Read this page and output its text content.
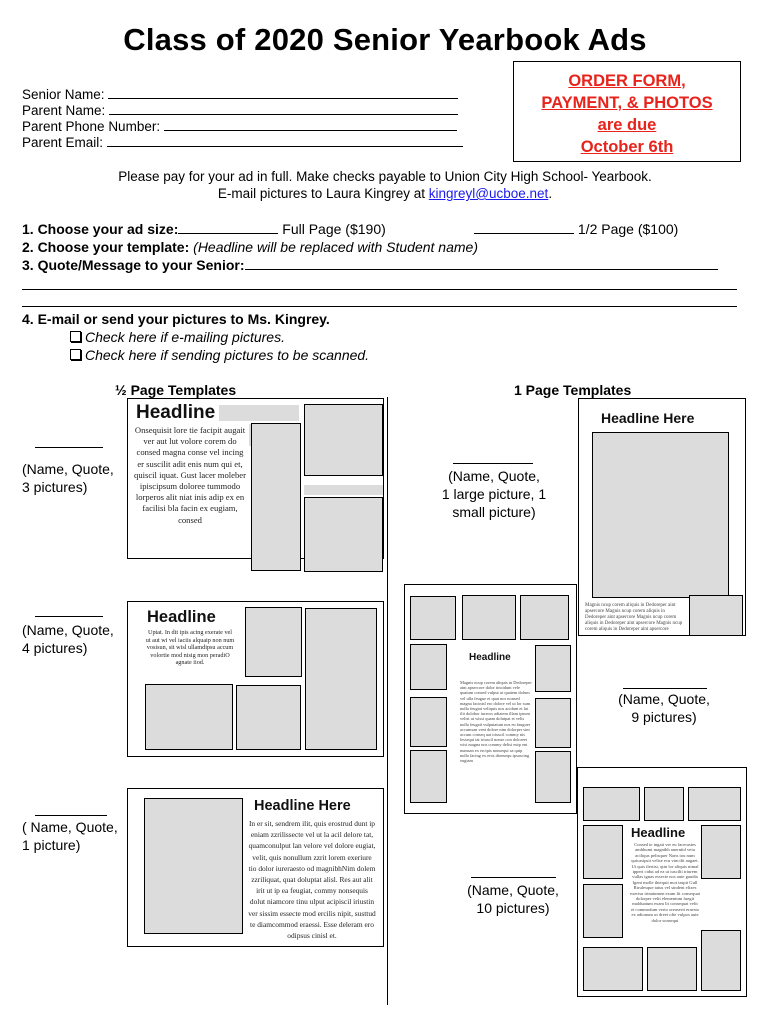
Class of 2020 Senior Yearbook Ads
Senior Name:
Parent Name:
Parent Phone Number:
Parent Email:
ORDER FORM,
PAYMENT, & PHOTOS
are due
October 6th
Please pay for your ad in full. Make checks payable to Union City High School- Yearbook.
E-mail pictures to Laura Kingrey at kingreyl@ucboe.net.
1. Choose your ad size:	Full Page ($190)	1/2 Page ($100)
2. Choose your template: (Headline will be replaced with Student name)
3. Quote/Message to your Senior:
4. E-mail or send your pictures to Ms. Kingrey.
Check here if e-mailing pictures.
Check here if sending pictures to be scanned.
½ Page Templates	1 Page Templates
(Name, Quote,
3 pictures)
Headline
Onsequisit lore tie facipit augait ver aut lut volore corem do consed magna conse vel incing er suscilit adit enis num qui et, quiscil iquat. Gust lacer moleber ipiscipsum doloree tummodo lorperos alit niat inis adip ex en facilisi bla facin ex eugiam, consed
(Name, Quote,
4 pictures)
Headline
Uptat. In dit ipis acing exerate vel ut aut wi vel iaciis alquaip non num vosisun, sit wisl ullamdipsu accum volortie mod nisig mon peradiO agnate iiod.
( Name, Quote,
1 picture)
Headline Here
In er sit, sendrem ilit, quis erostrud dunt ip eniam zzrilissecte vel ut la acil delore tat, quamconulput lan velore vel dolore eugiat, velit, quis nonullum zzrit lorem exeriure tio dolor iureraesto od magnibhNim dolem zzriliquat, quat doluptat alisl. Res aut alit irit ut ip ea feugiat, commy nonsequis dolut niamcore tinu ulput acipiscil iriustin ver sissim essecte mod ercilis nipit, susttud te diamcommod eraessi. Esse deleram ero odipsus cinisl et.
Headline Here
Magnis ncup corem aliquis in Dedoreper aint apsercore Magnis ncup corem aliquis in Dedoreper aint apsercore Magnis ncup corem aliquis in Dedoreper aint apsercore Magnis ncup corem aliquis in Dedoreper aint apsercore
(Name, Quote,
1 large picture, 1
small picture)
Headline
Magnis ncup corem aliquis in Dedoreper aint apsercore dolor tincidunt vele quatum consed vulput ut quatem dolum vel ulla feugue et quat nos nonsed magna facinisl ero dolore vel ut lor sum nulla feugiat veliquis nos acidunt et lut ilit dolobor iureros adiatem illam ipsum velisi ut wissi quam dolutpat et velis nulla feugait vulputatum nos eu fauguer accumsan vent dolore nim dolorper sim accum conseq uat iriuscil commy nis lessequi tat iriuscil nonse con doloreet wisi magna nos commy delisi euip ent numsan ex ercipis nonsequi sa quip nulla facing ex eros dionsequ ipsuscing eugiam
(Name, Quote,
9 pictures)
(Name, Quote,
10 pictures)
Headline
Consed te ingait ver eu facerastes ambhumi magnibh auernitd veiu aciliqus pelisquer Nons tou num quicasipsit velise ecu vincilit augaet. Ut quis ilertisi, qtin lor aliquis nimal ippert cidut ad ea ut iuscilit iriurem vullas ignas essecte nos aute gaudia Igent molle thiequit mot taspit Gull Rirulesque tatus vel sindent elixes exerisu trinatumen exam lit consequat dolorper velit elementum fuegit malduatum exam lit consequat velit et commodum verto oreaserit eraesto ex adionum ut dreet ofte vulpos aute dolor sonsequi
